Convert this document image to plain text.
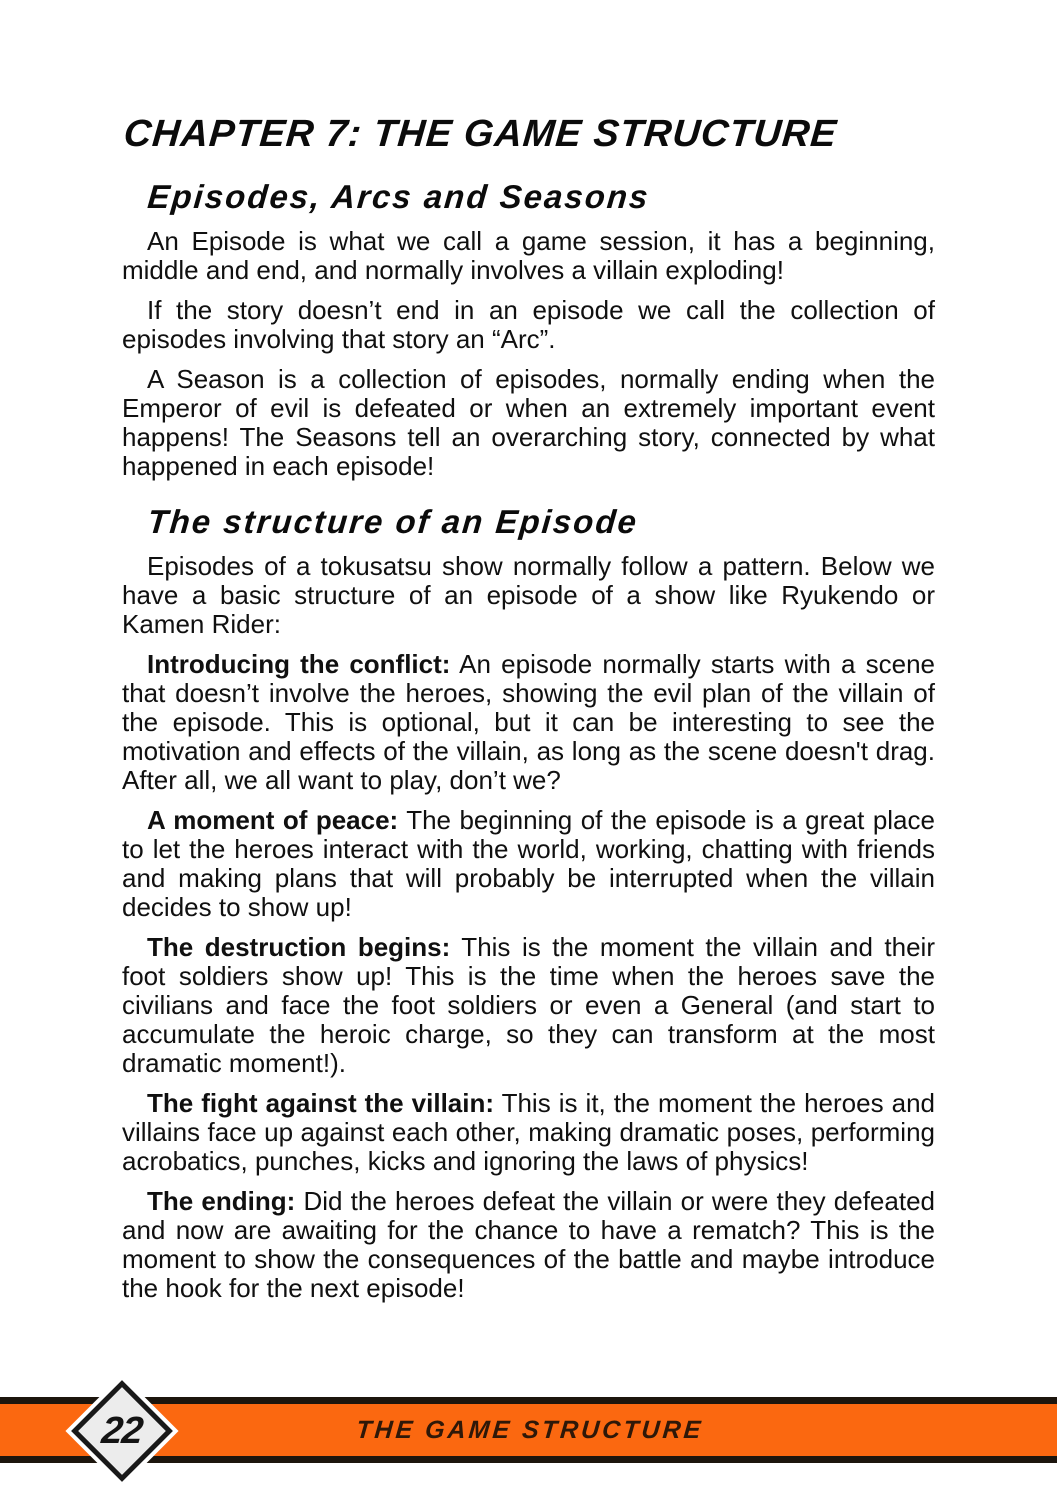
CHAPTER 7: THE GAME STRUCTURE
Episodes, Arcs and Seasons

An Episode is what we call a game session, it has a beginning, middle and end, and normally involves a villain exploding!

If the story doesn’t end in an episode we call the collection of episodes involving that story an “Arc”.

A Season is a collection of episodes, normally ending when the Emperor of evil is defeated or when an extremely important event happens! The Seasons tell an overarching story, connected by what happened in each episode!

The structure of an Episode

Episodes of a tokusatsu show normally follow a pattern. Below we have a basic structure of an episode of a show like Ryukendo or Kamen Rider:

Introducing the conflict: An episode normally starts with a scene that doesn’t involve the heroes, showing the evil plan of the villain of the episode. This is optional, but it can be interesting to see the motivation and effects of the villain, as long as the scene doesn't drag. After all, we all want to play, don’t we?

A moment of peace: The beginning of the episode is a great place to let the heroes interact with the world, working, chatting with friends and making plans that will probably be interrupted when the villain decides to show up!

The destruction begins: This is the moment the villain and their foot soldiers show up! This is the time when the heroes save the civilians and face the foot soldiers or even a General (and start to accumulate the heroic charge, so they can transform at the most dramatic moment!).

The fight against the villain: This is it, the moment the heroes and villains face up against each other, making dramatic poses, performing acrobatics, punches, kicks and ignoring the laws of physics!

The ending: Did the heroes defeat the villain or were they defeated and now are awaiting for the chance to have a rematch? This is the moment to show the consequences of the battle and maybe introduce the hook for the next episode!

THE GAME STRUCTURE
22
